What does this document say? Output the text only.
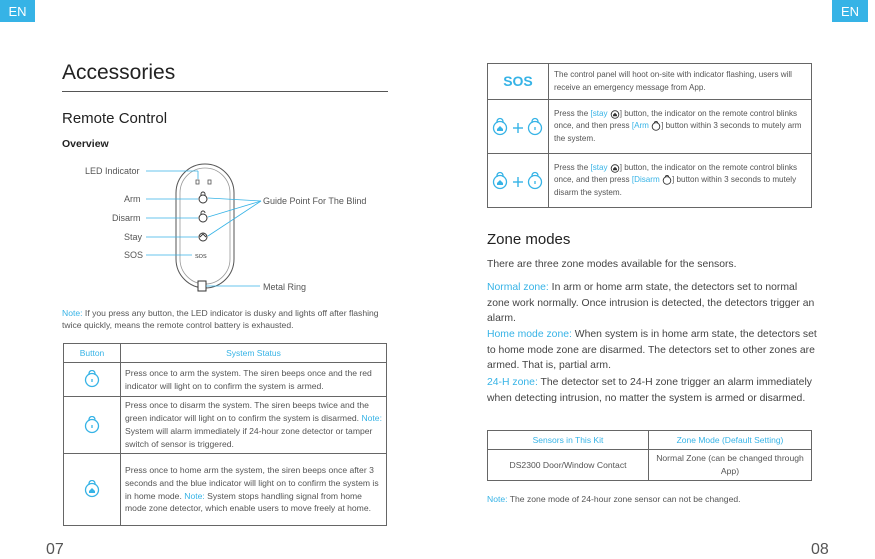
EN	EN
Accessories
Remote Control
Overview
SOS
LED Indicator
Arm
Disarm
Stay
SOS
Guide Point For The Blind
Metal Ring
Note: If you press any button, the LED indicator is dusky and lights off after flashing twice quickly, means the remote control battery is exhausted.
Button	System Status
	Press once to arm the system. The siren beeps once and the red indicator will light on to confirm the system is armed.
	Press once to disarm the system. The siren beeps twice and the green indicator will light on to confirm the system is disarmed. Note: System will alarm immediately if 24-hour zone detector or tamper switch of sensor is triggered.
	Press once to home arm the system, the siren beeps once after 3 seconds and the blue indicator will light on to confirm the system is in home mode. Note: System stops handling signal from home mode zone detector, which enable users to move freely at home.
07
SOS	The control panel will hoot on-site with indicator flashing, users will receive an emergency message from App.
	Press the [stay ] button, the indicator on the remote control blinks once, and then press [Arm ] button within 3 seconds to mutely arm the system.
	Press the [stay ] button, the indicator on the remote control blinks once, and then press [Disarm ] button within 3 seconds to mutely disarm the system.
Zone modes
There are three zone modes available for the sensors.
Normal zone: In arm or home arm state, the detectors set to normal zone work normally. Once intrusion is detected, the detectors trigger an alarm.
Home mode zone: When system is in home arm state, the detectors set to home mode zone are disarmed. The detectors set to other zones are armed. That is, partial arm.
24-H zone: The detector set to 24-H zone trigger an alarm immediately when detecting intrusion, no matter the system is armed or disarmed.
Sensors in This Kit	Zone Mode (Default Setting)
DS2300 Door/Window Contact	Normal Zone (can be changed through App)
Note: The zone mode of 24-hour zone sensor can not be changed.
08
